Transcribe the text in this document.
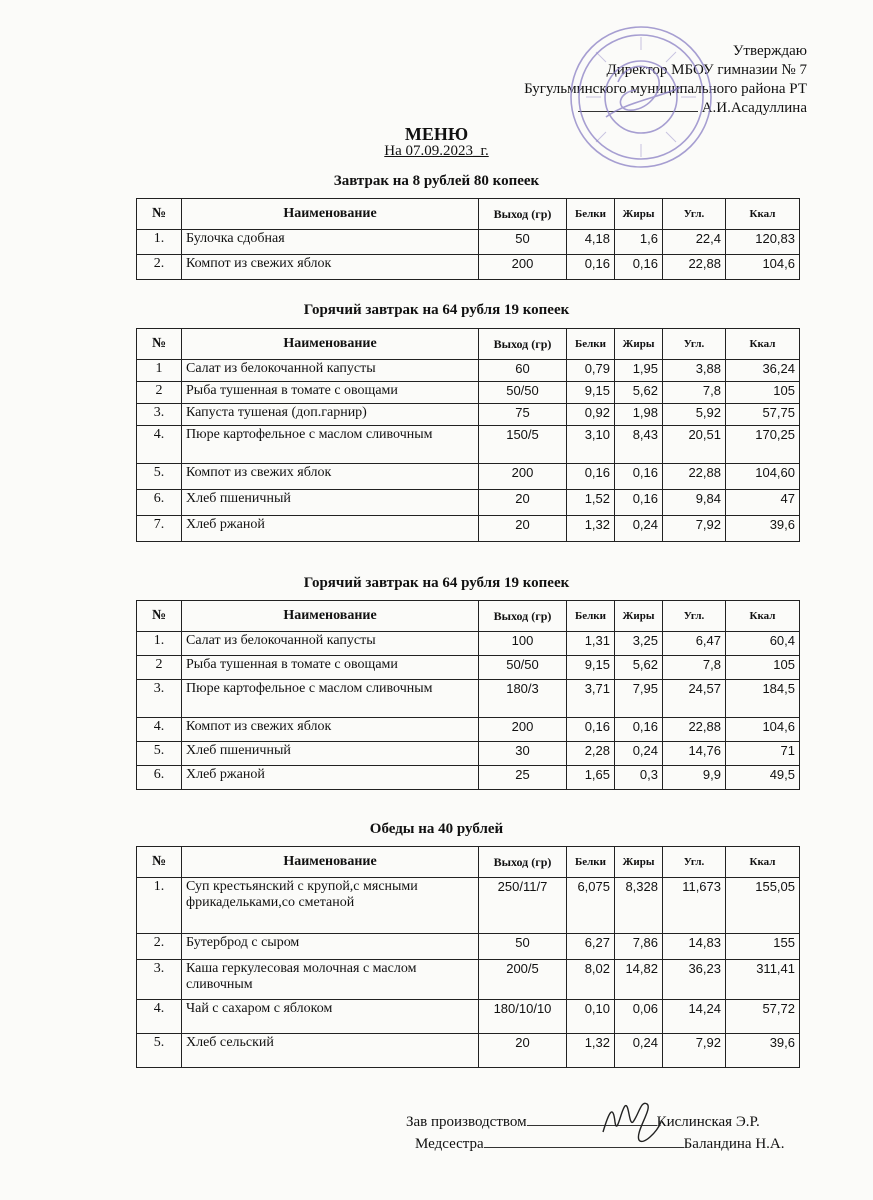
Утверждаю
Директор МБОУ гимназии № 7
Бугульминского муниципального района РТ
А.И.Асадуллина
МЕНЮ
На 07.09.2023_г.
Завтрак на 8 рублей 80 копеек
№	Наименование	Выход (гр)	Белки	Жиры	Угл.	Ккал
1.	Булочка сдобная	50	4,18	1,6	22,4	120,83
2.	Компот из свежих яблок	200	0,16	0,16	22,88	104,6
Горячий завтрак на 64 рубля 19 копеек
№	Наименование	Выход (гр)	Белки	Жиры	Угл.	Ккал
1	Салат из белокочанной капусты	60	0,79	1,95	3,88	36,24
2	Рыба тушенная в томате с овощами	50/50	9,15	5,62	7,8	105
3.	Капуста тушеная (доп.гарнир)	75	0,92	1,98	5,92	57,75
4.	Пюре картофельное с маслом сливочным	150/5	3,10	8,43	20,51	170,25
5.	Компот из свежих яблок	200	0,16	0,16	22,88	104,60
6.	Хлеб пшеничный	20	1,52	0,16	9,84	47
7.	Хлеб ржаной	20	1,32	0,24	7,92	39,6
Горячий завтрак на 64 рубля 19 копеек
№	Наименование	Выход (гр)	Белки	Жиры	Угл.	Ккал
1.	Салат из белокочанной капусты	100	1,31	3,25	6,47	60,4
2	Рыба тушенная в томате с овощами	50/50	9,15	5,62	7,8	105
3.	Пюре картофельное с маслом сливочным	180/3	3,71	7,95	24,57	184,5
4.	Компот из свежих яблок	200	0,16	0,16	22,88	104,6
5.	Хлеб пшеничный	30	2,28	0,24	14,76	71
6.	Хлеб ржаной	25	1,65	0,3	9,9	49,5
Обеды на 40 рублей
№	Наименование	Выход (гр)	Белки	Жиры	Угл.	Ккал
1.	Суп крестьянский с крупой,с мясными фрикадельками,со сметаной	250/11/7	6,075	8,328	11,673	155,05
2.	Бутерброд с сыром	50	6,27	7,86	14,83	155
3.	Каша геркулесовая молочная с маслом сливочным	200/5	8,02	14,82	36,23	311,41
4.	Чай с сахаром с яблоком	180/10/10	0,10	0,06	14,24	57,72
5.	Хлеб сельский	20	1,32	0,24	7,92	39,6
Зав производством	Кислинская Э.Р.
Медсестра	Баландина Н.А.
